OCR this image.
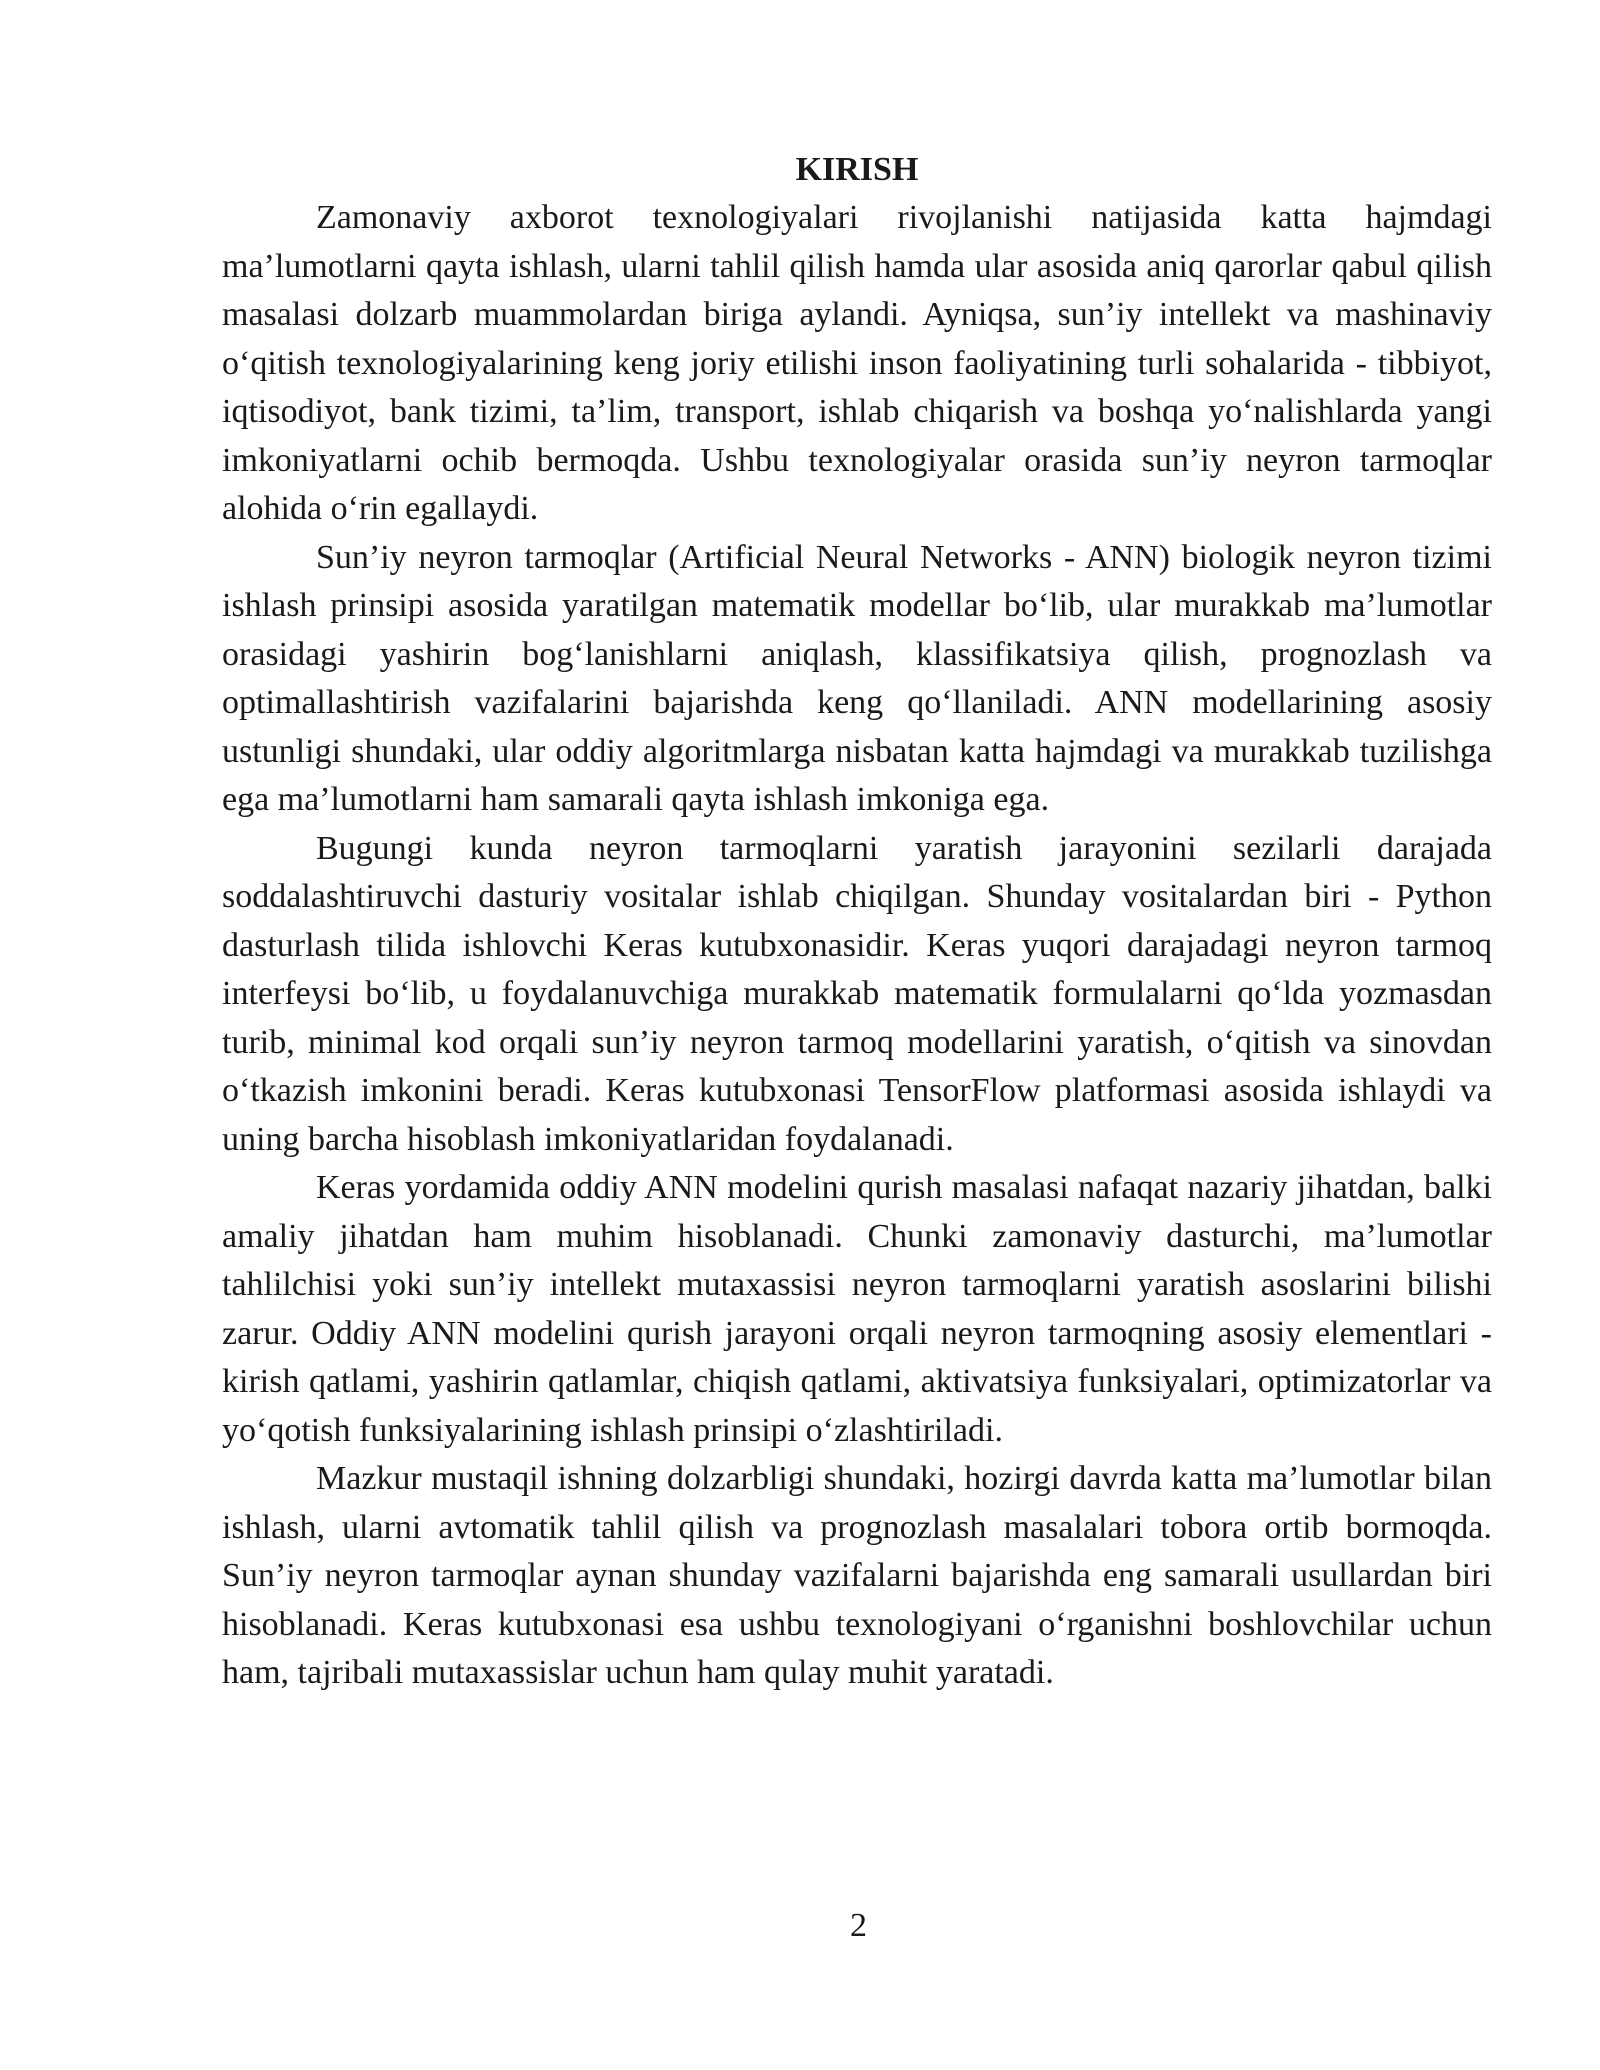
KIRISH

Zamonaviy axborot texnologiyalari rivojlanishi natijasida katta hajmdagi ma’lumotlarni qayta ishlash, ularni tahlil qilish hamda ular asosida aniq qarorlar qabul qilish masalasi dolzarb muammolardan biriga aylandi. Ayniqsa, sun’iy intellekt va mashinaviy o‘qitish texnologiyalarining keng joriy etilishi inson faoliyatining turli sohalarida - tibbiyot, iqtisodiyot, bank tizimi, ta’lim, transport, ishlab chiqarish va boshqa yo‘nalishlarda yangi imkoniyatlarni ochib bermoqda. Ushbu texnologiyalar orasida sun’iy neyron tarmoqlar alohida o‘rin egallaydi.

Sun’iy neyron tarmoqlar (Artificial Neural Networks - ANN) biologik neyron tizimi ishlash prinsipi asosida yaratilgan matematik modellar bo‘lib, ular murakkab ma’lumotlar orasidagi yashirin bog‘lanishlarni aniqlash, klassifikatsiya qilish, prognozlash va optimallashtirish vazifalarini bajarishda keng qo‘llaniladi. ANN modellarining asosiy ustunligi shundaki, ular oddiy algoritmlarga nisbatan katta hajmdagi va murakkab tuzilishga ega ma’lumotlarni ham samarali qayta ishlash imkoniga ega.

Bugungi kunda neyron tarmoqlarni yaratish jarayonini sezilarli darajada soddalashtiruvchi dasturiy vositalar ishlab chiqilgan. Shunday vositalardan biri - Python dasturlash tilida ishlovchi Keras kutubxonasidir. Keras yuqori darajadagi neyron tarmoq interfeysi bo‘lib, u foydalanuvchiga murakkab matematik formulalarni qo‘lda yozmasdan turib, minimal kod orqali sun’iy neyron tarmoq modellarini yaratish, o‘qitish va sinovdan o‘tkazish imkonini beradi. Keras kutubxonasi TensorFlow platformasi asosida ishlaydi va uning barcha hisoblash imkoniyatlaridan foydalanadi.

Keras yordamida oddiy ANN modelini qurish masalasi nafaqat nazariy jihatdan, balki amaliy jihatdan ham muhim hisoblanadi. Chunki zamonaviy dasturchi, ma’lumotlar tahlilchisi yoki sun’iy intellekt mutaxassisi neyron tarmoqlarni yaratish asoslarini bilishi zarur. Oddiy ANN modelini qurish jarayoni orqali neyron tarmoqning asosiy elementlari - kirish qatlami, yashirin qatlamlar, chiqish qatlami, aktivatsiya funksiyalari, optimizatorlar va yo‘qotish funksiyalarining ishlash prinsipi o‘zlashtiriladi.

Mazkur mustaqil ishning dolzarbligi shundaki, hozirgi davrda katta ma’lumotlar bilan ishlash, ularni avtomatik tahlil qilish va prognozlash masalalari tobora ortib bormoqda. Sun’iy neyron tarmoqlar aynan shunday vazifalarni bajarishda eng samarali usullardan biri hisoblanadi. Keras kutubxonasi esa ushbu texnologiyani o‘rganishni boshlovchilar uchun ham, tajribali mutaxassislar uchun ham qulay muhit yaratadi.

2
